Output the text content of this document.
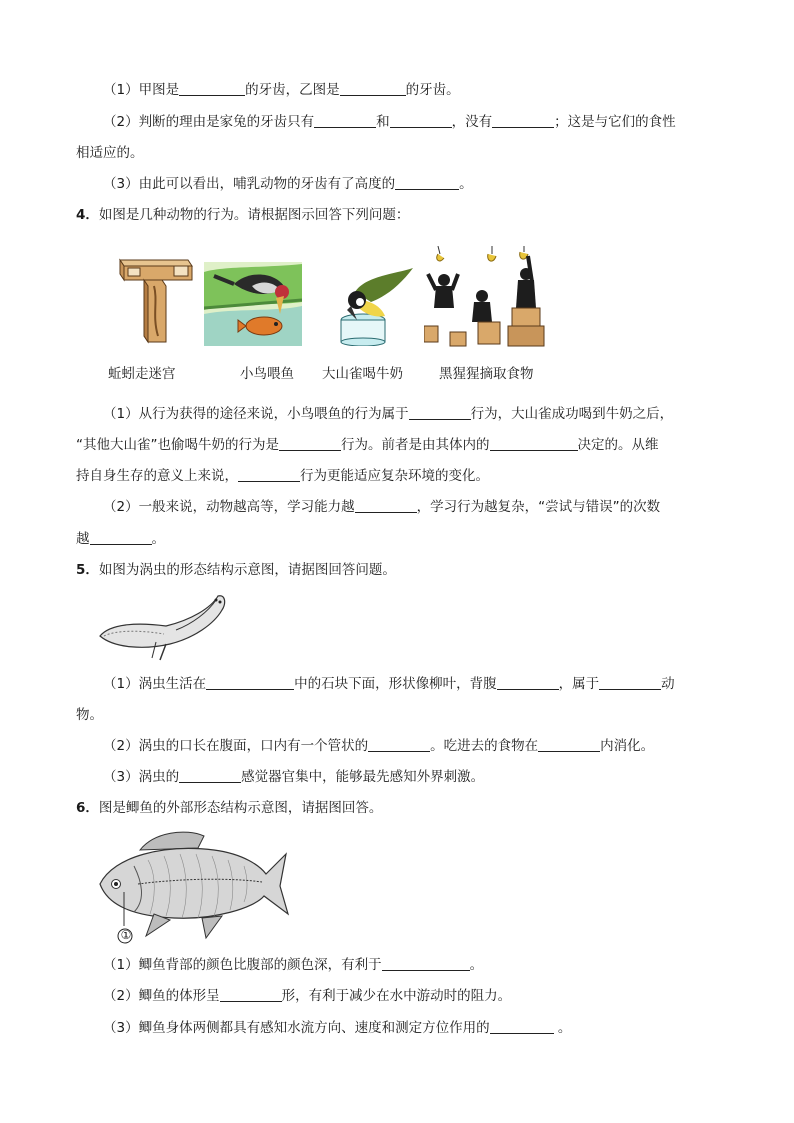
（1）甲图是	的牙齿，乙图是	的牙齿。
（2）判断的理由是家兔的牙齿只有	和	，没有	；这是与它们的食性
相适应的。
（3）由此可以看出，哺乳动物的牙齿有了高度的	。
4．如图是几种动物的行为。请根据图示回答下列问题：
蚯蚓走迷宫	小鸟喂鱼 大山雀喝牛奶	黑猩猩摘取食物
（1）从行为获得的途径来说，小鸟喂鱼的行为属于	行为，大山雀成功喝到牛奶之后，
“其他大山雀”也偷喝牛奶的行为是	行为。前者是由其体内的	决定的。从维
持自身生存的意义上来说，	行为更能适应复杂环境的变化。
（2）一般来说，动物越高等，学习能力越	，学习行为越复杂，“尝试与错误”的次数
越	。
5．如图为涡虫的形态结构示意图，请据图回答问题。
（1）涡虫生活在	中的石块下面，形状像柳叶，背腹	，属于	动
物。
（2）涡虫的口长在腹面，口内有一个管状的	。吃进去的食物在	内消化。
（3）涡虫的	感觉器官集中，能够最先感知外界刺激。
6．图是鲫鱼的外部形态结构示意图，请据图回答。
①
（1）鲫鱼背部的颜色比腹部的颜色深，有利于	。
（2）鲫鱼的体形呈	形，有利于减少在水中游动时的阻力。
（3）鲫鱼身体两侧都具有感知水流方向、速度和测定方位作用的	。
